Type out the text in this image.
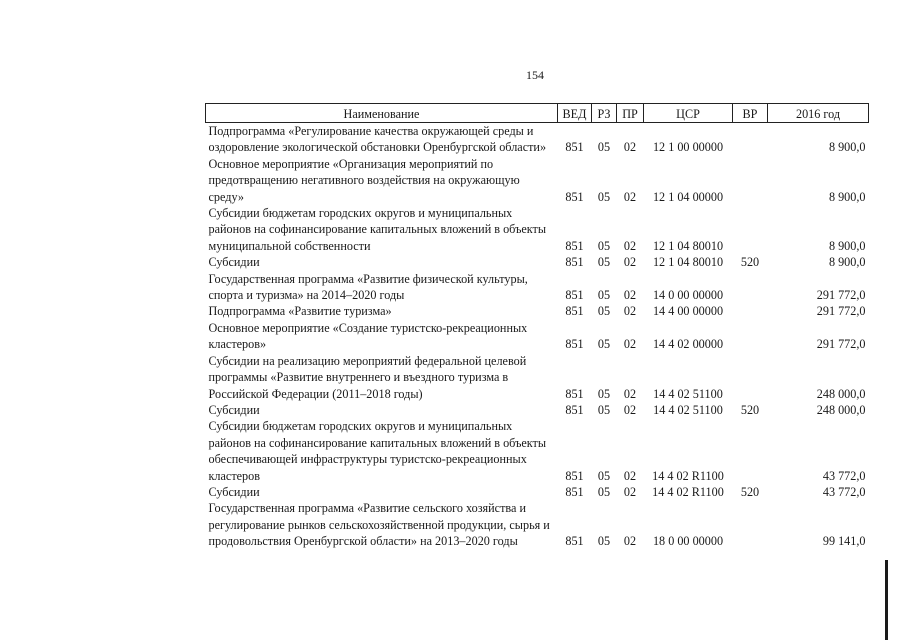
154
Наименование	ВЕД	РЗ	ПР	ЦСР	ВР	2016 год
Подпрограмма «Регулирование качества окружающей среды и оздоровление экологической обстановки Оренбургской области»	851	05	02	12 1 00 00000		8 900,0
Основное мероприятие «Организация мероприятий по предотвращению негативного воздействия на окружающую среду»	851	05	02	12 1 04 00000		8 900,0
Субсидии бюджетам городских округов и муниципальных районов на софинансирование капитальных вложений в объекты муниципальной собственности	851	05	02	12 1 04 80010		8 900,0
Субсидии	851	05	02	12 1 04 80010	520	8 900,0
Государственная программа «Развитие физической культуры, спорта и туризма» на 2014–2020 годы	851	05	02	14 0 00 00000		291 772,0
Подпрограмма «Развитие туризма»	851	05	02	14 4 00 00000		291 772,0
Основное мероприятие «Создание туристско-рекреационных кластеров»	851	05	02	14 4 02 00000		291 772,0
Субсидии на реализацию мероприятий федеральной целевой программы «Развитие внутреннего и въездного туризма в Российской Федерации (2011–2018 годы)	851	05	02	14 4 02 51100		248 000,0
Субсидии	851	05	02	14 4 02 51100	520	248 000,0
Субсидии бюджетам городских округов и муниципальных районов на софинансирование капитальных вложений в объекты обеспечивающей инфраструктуры туристско-рекреационных кластеров	851	05	02	14 4 02 R1100		43 772,0
Субсидии	851	05	02	14 4 02 R1100	520	43 772,0
Государственная программа «Развитие сельского хозяйства и регулирование рынков сельскохозяйственной продукции, сырья и продовольствия Оренбургской области» на 2013–2020 годы	851	05	02	18 0 00 00000		99 141,0
